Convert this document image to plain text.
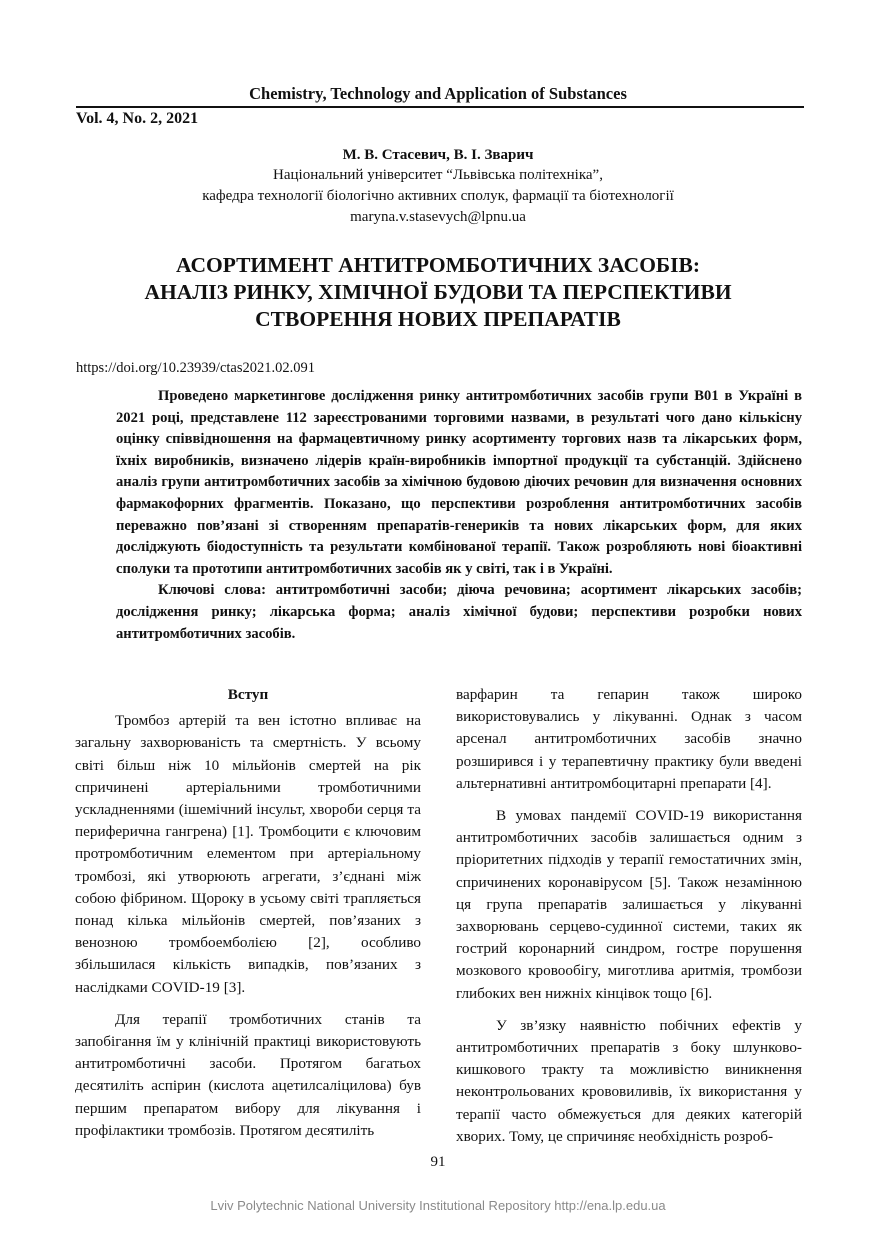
Chemistry, Technology and Application of Substances
Vol. 4, No. 2, 2021
М. В. Стасевич, В. І. Зварич
Національний університет “Львівська політехніка”,
кафедра технології біологічно активних сполук, фармації та біотехнології
maryna.v.stasevych@lpnu.ua
АСОРТИМЕНТ АНТИТРОМБОТИЧНИХ ЗАСОБІВ:
АНАЛІЗ РИНКУ, ХІМІЧНОЇ БУДОВИ ТА ПЕРСПЕКТИВИ
СТВОРЕННЯ НОВИХ ПРЕПАРАТІВ
https://doi.org/10.23939/ctas2021.02.091

Проведено маркетингове дослідження ринку антитромботичних засобів групи B01 в Україні в 2021 році, представлене 112 зареєстрованими торговими назвами, в результаті чого дано кількісну оцінку співвідношення на фармацевтичному ринку асортименту торгових назв та лікарських форм, їхніх виробників, визначено лідерів країн-виробників імпортної продукції та субстанцій. Здійснено аналіз групи антитромботичних засобів за хімічною будовою діючих речовин для визначення основних фармакофорних фрагментів. Показано, що перспективи розроблення антитромботичних засобів переважно пов’язані зі створенням препаратів-генериків та нових лікарських форм, для яких досліджують біодоступність та результати комбінованої терапії. Також розробляють нові біоактивні сполуки та прототипи антитромботичних засобів як у світі, так і в Україні.

Ключові слова: антитромботичні засоби; діюча речовина; асортимент лікарських засобів; дослідження ринку; лікарська форма; аналіз хімічної будови; перспективи розробки нових антитромботичних засобів.

Вступ

Тромбоз артерій та вен істотно впливає на загальну захворюваність та смертність. У всьому світі більш ніж 10 мільйонів смертей на рік спричинені артеріальними тромботичними ускладненнями (ішемічний інсульт, хвороби серця та периферична гангрена) [1]. Тромбоцити є ключовим протромботичним елементом при артеріальному тромбозі, які утворюють агрегати, з’єднані між собою фібрином. Щороку в усьому світі трапляється понад кілька мільйонів смертей, пов’язаних з венозною тромбоемболією [2], особливо збільшилася кількість випадків, пов’язаних з наслідками COVID-19 [3].

Для терапії тромботичних станів та запобігання їм у клінічній практиці використовують антитромботичні засоби. Протягом багатьох десятиліть аспірин (кислота ацетилсаліцилова) був першим препаратом вибору для лікування і профілактики тромбозів. Протягом десятиліть

варфарин та гепарин також широко використовувались у лікуванні. Однак з часом арсенал антитромботичних засобів значно розширився і у терапевтичну практику були введені альтернативні антитромбоцитарні препарати [4].

В умовах пандемії COVID-19 використання антитромботичних засобів залишається одним з пріоритетних підходів у терапії гемостатичних змін, спричинених коронавірусом [5]. Також незамінною ця група препаратів залишається у лікуванні захворювань серцево-судинної системи, таких як гострий коронарний синдром, гостре порушення мозкового кровообігу, миготлива аритмія, тромбози глибоких вен нижніх кінцівок тощо [6].

У зв’язку наявністю побічних ефектів у антитромботичних препаратів з боку шлунково-кишкового тракту та можливістю виникнення неконтрольованих крововиливів, їх використання у терапії часто обмежується для деяких категорій хворих. Тому, це спричиняє необхідність розроб-

91
Lviv Polytechnic National University Institutional Repository http://ena.lp.edu.ua
